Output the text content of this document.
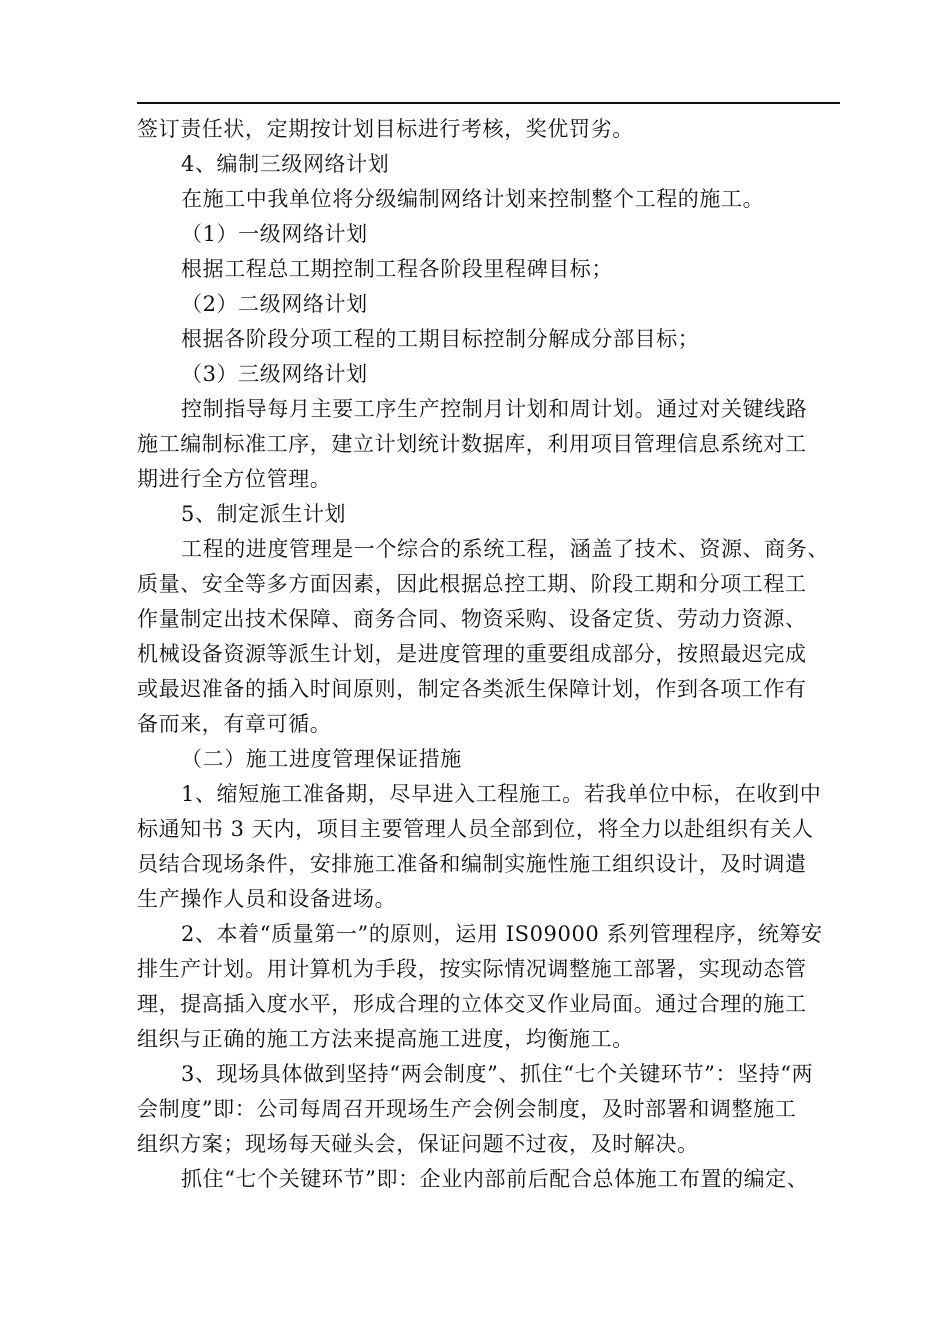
签订责任状，定期按计划目标进行考核，奖优罚劣。

4、编制三级网络计划

在施工中我单位将分级编制网络计划来控制整个工程的施工。

（1）一级网络计划

根据工程总工期控制工程各阶段里程碑目标；

（2）二级网络计划

根据各阶段分项工程的工期目标控制分解成分部目标；

（3）三级网络计划

控制指导每月主要工序生产控制月计划和周计划。通过对关键线路

施工编制标准工序，建立计划统计数据库，利用项目管理信息系统对工

期进行全方位管理。

5、制定派生计划

工程的进度管理是一个综合的系统工程，涵盖了技术、资源、商务、

质量、安全等多方面因素，因此根据总控工期、阶段工期和分项工程工

作量制定出技术保障、商务合同、物资采购、设备定货、劳动力资源、

机械设备资源等派生计划，是进度管理的重要组成部分，按照最迟完成

或最迟准备的插入时间原则，制定各类派生保障计划，作到各项工作有

备而来，有章可循。

（二）施工进度管理保证措施

1、缩短施工准备期，尽早进入工程施工。若我单位中标，在收到中

标通知书 3 天内，项目主要管理人员全部到位，将全力以赴组织有关人

员结合现场条件，安排施工准备和编制实施性施工组织设计，及时调遣

生产操作人员和设备进场。

2、本着“质量第一”的原则，运用 IS09000 系列管理程序，统筹安

排生产计划。用计算机为手段，按实际情况调整施工部署，实现动态管

理，提高插入度水平，形成合理的立体交叉作业局面。通过合理的施工

组织与正确的施工方法来提高施工进度，均衡施工。

3、现场具体做到坚持“两会制度”、抓住“七个关键环节”：坚持“两

会制度”即：公司每周召开现场生产会例会制度，及时部署和调整施工

组织方案；现场每天碰头会，保证问题不过夜，及时解决。

抓住“七个关键环节”即：企业内部前后配合总体施工布置的编定、
